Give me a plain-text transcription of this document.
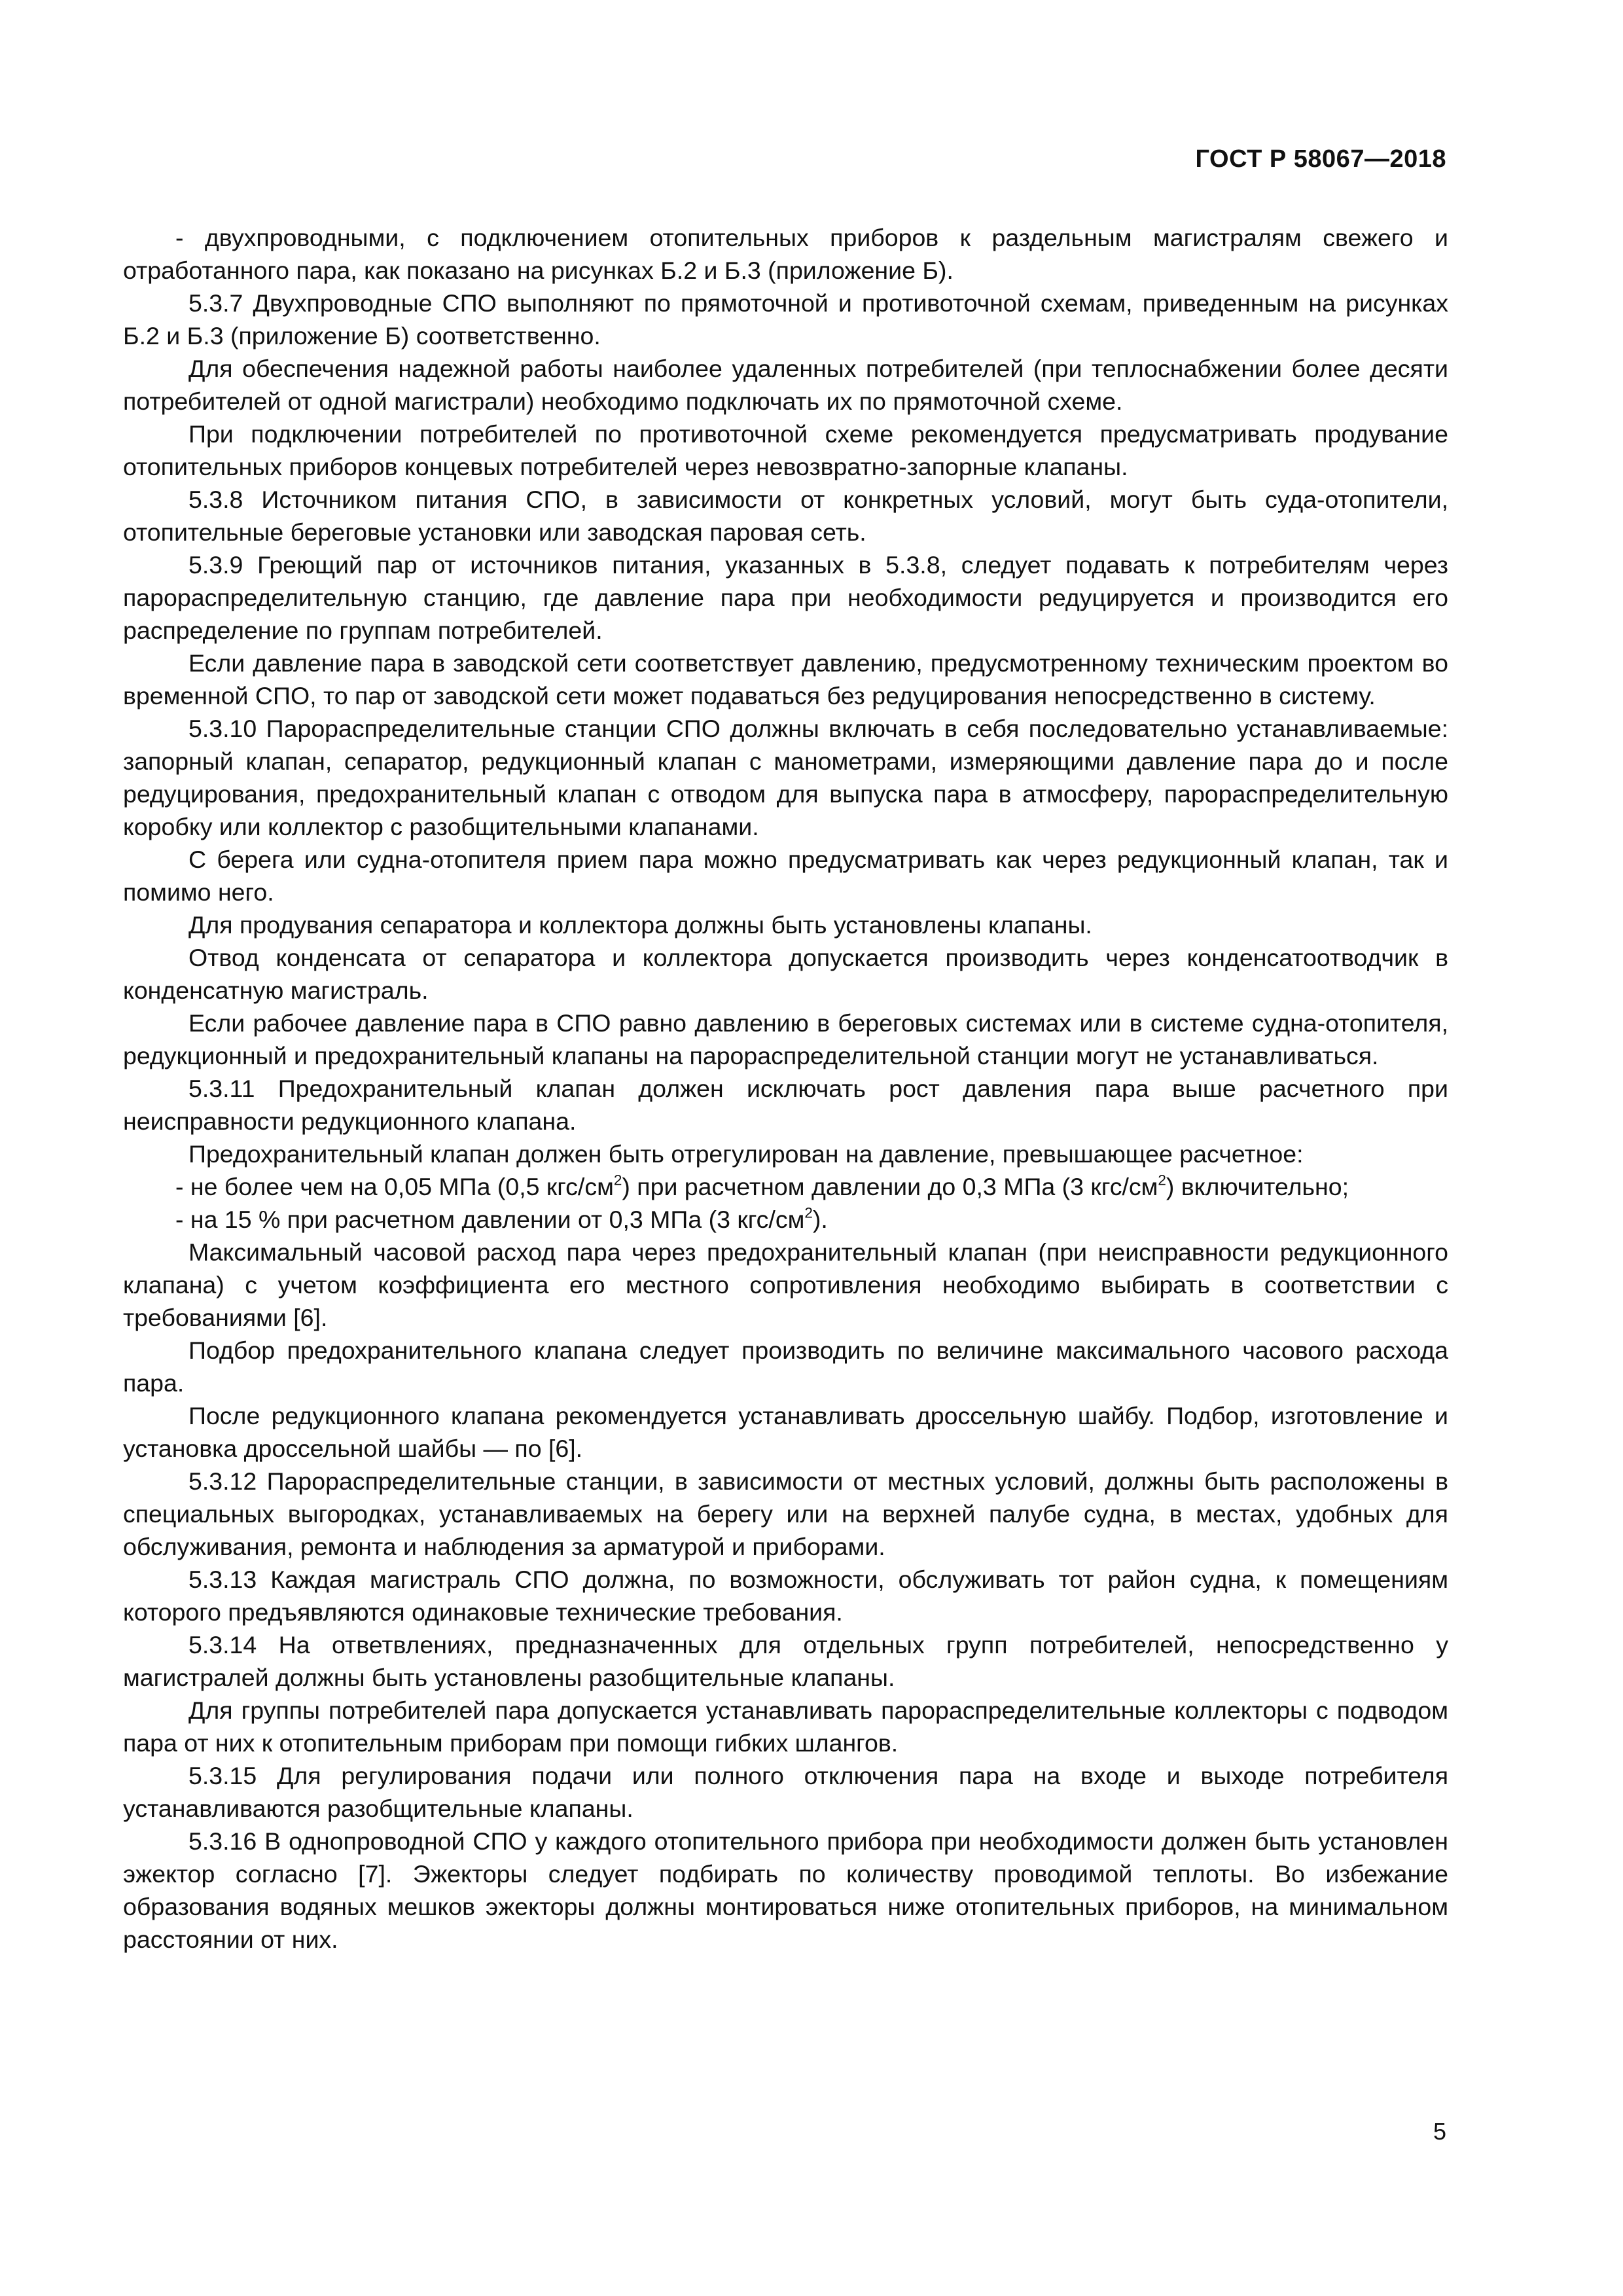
ГОСТ Р 58067—2018

- двухпроводными, с подключением отопительных приборов к раздельным магистралям свежего и отработанного пара, как показано на рисунках Б.2 и Б.3 (приложение Б).

5.3.7 Двухпроводные СПО выполняют по прямоточной и противоточной схемам, приведенным на рисунках Б.2 и Б.3 (приложение Б) соответственно.

Для обеспечения надежной работы наиболее удаленных потребителей (при теплоснабжении более десяти потребителей от одной магистрали) необходимо подключать их по прямоточной схеме.

При подключении потребителей по противоточной схеме рекомендуется предусматривать продувание отопительных приборов концевых потребителей через невозвратно-запорные клапаны.

5.3.8 Источником питания СПО, в зависимости от конкретных условий, могут быть суда-отопители, отопительные береговые установки или заводская паровая сеть.

5.3.9 Греющий пар от источников питания, указанных в 5.3.8, следует подавать к потребителям через парораспределительную станцию, где давление пара при необходимости редуцируется и производится его распределение по группам потребителей.

Если давление пара в заводской сети соответствует давлению, предусмотренному техническим проектом во временной СПО, то пар от заводской сети может подаваться без редуцирования непосредственно в систему.

5.3.10 Парораспределительные станции СПО должны включать в себя последовательно устанавливаемые: запорный клапан, сепаратор, редукционный клапан с манометрами, измеряющими давление пара до и после редуцирования, предохранительный клапан с отводом для выпуска пара в атмосферу, парораспределительную коробку или коллектор с разобщительными клапанами.

С берега или судна-отопителя прием пара можно предусматривать как через редукционный клапан, так и помимо него.

Для продувания сепаратора и коллектора должны быть установлены клапаны.

Отвод конденсата от сепаратора и коллектора допускается производить через конденсатоотводчик в конденсатную магистраль.

Если рабочее давление пара в СПО равно давлению в береговых системах или в системе судна-отопителя, редукционный и предохранительный клапаны на парораспределительной станции могут не устанавливаться.

5.3.11 Предохранительный клапан должен исключать рост давления пара выше расчетного при неисправности редукционного клапана.

Предохранительный клапан должен быть отрегулирован на давление, превышающее расчетное:

- не более чем на 0,05 МПа (0,5 кгс/$см^2$) при расчетном давлении до 0,3 МПа (3 кгс/$см^2$) включительно;

- на 15 % при расчетном давлении от 0,3 МПа (3 кгс/$см^2$).

Максимальный часовой расход пара через предохранительный клапан (при неисправности редукционного клапана) с учетом коэффициента его местного сопротивления необходимо выбирать в соответствии с требованиями [6].

Подбор предохранительного клапана следует производить по величине максимального часового расхода пара.

После редукционного клапана рекомендуется устанавливать дроссельную шайбу. Подбор, изготовление и установка дроссельной шайбы — по [6].

5.3.12 Парораспределительные станции, в зависимости от местных условий, должны быть расположены в специальных выгородках, устанавливаемых на берегу или на верхней палубе судна, в местах, удобных для обслуживания, ремонта и наблюдения за арматурой и приборами.

5.3.13 Каждая магистраль СПО должна, по возможности, обслуживать тот район судна, к помещениям которого предъявляются одинаковые технические требования.

5.3.14 На ответвлениях, предназначенных для отдельных групп потребителей, непосредственно у магистралей должны быть установлены разобщительные клапаны.

Для группы потребителей пара допускается устанавливать парораспределительные коллекторы с подводом пара от них к отопительным приборам при помощи гибких шлангов.

5.3.15 Для регулирования подачи или полного отключения пара на входе и выходе потребителя устанавливаются разобщительные клапаны.

5.3.16 В однопроводной СПО у каждого отопительного прибора при необходимости должен быть установлен эжектор согласно [7]. Эжекторы следует подбирать по количеству проводимой теплоты. Во избежание образования водяных мешков эжекторы должны монтироваться ниже отопительных приборов, на минимальном расстоянии от них.

5
